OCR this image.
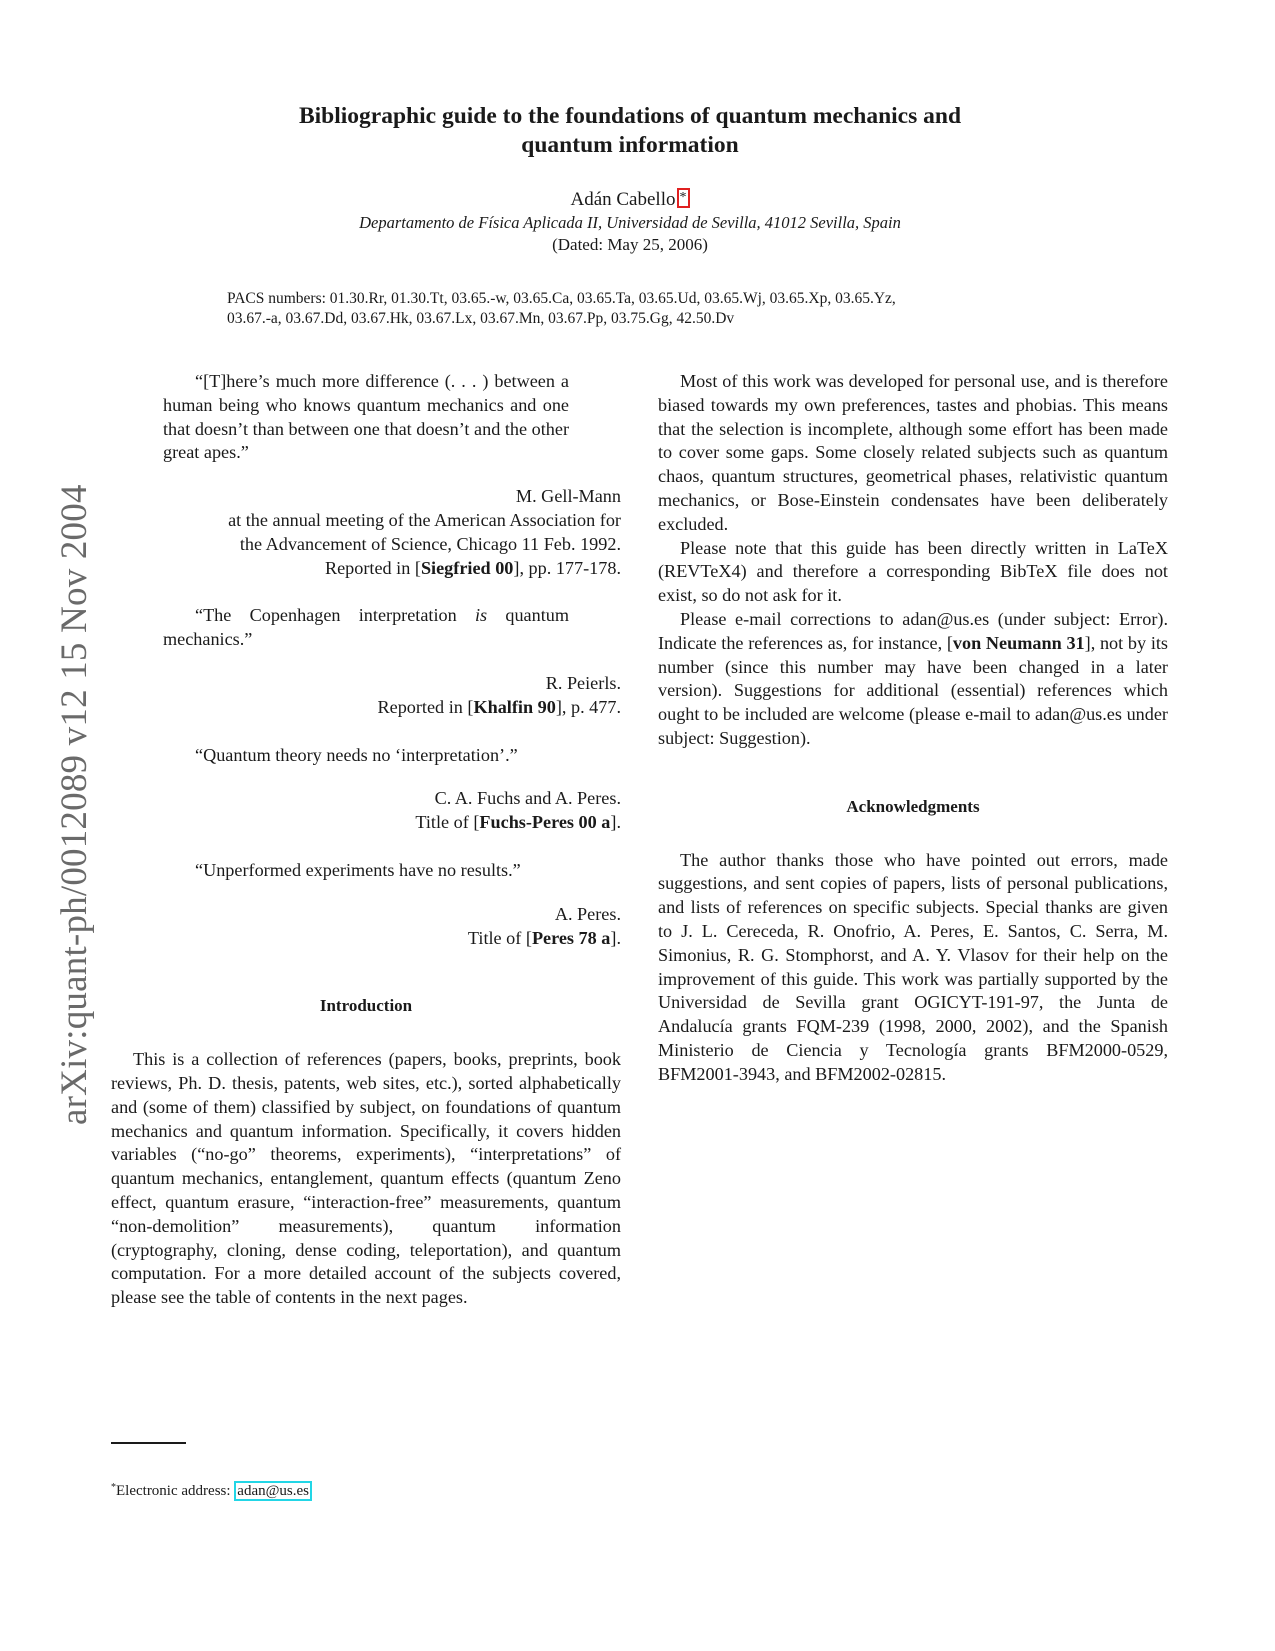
arXiv:quant-ph/0012089 v12 15 Nov 2004
Bibliographic guide to the foundations of quantum mechanics and
quantum information
Adán Cabello *
Departamento de Física Aplicada II, Universidad de Sevilla, 41012 Sevilla, Spain
(Dated: May 25, 2006)
PACS numbers: 01.30.Rr, 01.30.Tt, 03.65.-w, 03.65.Ca, 03.65.Ta, 03.65.Ud, 03.65.Wj, 03.65.Xp, 03.65.Yz,
03.67.-a, 03.67.Dd, 03.67.Hk, 03.67.Lx, 03.67.Mn, 03.67.Pp, 03.75.Gg, 42.50.Dv
“[T]here’s much more difference (. . . ) between a human being who knows quantum mechanics and one that doesn’t than between one that doesn’t and the other great apes.”

M. Gell-Mann

at the annual meeting of the American Association for

the Advancement of Science, Chicago 11 Feb. 1992.

Reported in [Siegfried 00], pp. 177-178.

“The Copenhagen interpretation is quantum mechanics.”

R. Peierls.

Reported in [Khalfin 90], p. 477.

“Quantum theory needs no ‘interpretation’.”

C. A. Fuchs and A. Peres.

Title of [Fuchs-Peres 00 a].

“Unperformed experiments have no results.”

A. Peres.

Title of [Peres 78 a].

Introduction

This is a collection of references (papers, books, preprints, book reviews, Ph. D. thesis, patents, web sites, etc.), sorted alphabetically and (some of them) classified by subject, on foundations of quantum mechanics and quantum information. Specifically, it covers hidden variables (“no-go” theorems, experiments), “interpretations” of quantum mechanics, entanglement, quantum effects (quantum Zeno effect, quantum erasure, “interaction-free” measurements, quantum “non-demolition” measurements), quantum information (cryptography, cloning, dense coding, teleportation), and quantum computation. For a more detailed account of the subjects covered, please see the table of contents in the next pages.

Most of this work was developed for personal use, and is therefore biased towards my own preferences, tastes and phobias. This means that the selection is incomplete, although some effort has been made to cover some gaps. Some closely related subjects such as quantum chaos, quantum structures, geometrical phases, relativistic quantum mechanics, or Bose-Einstein condensates have been deliberately excluded.

Please note that this guide has been directly written in LaTeX (REVTeX4) and therefore a corresponding BibTeX file does not exist, so do not ask for it.

Please e-mail corrections to adan@us.es (under subject: Error). Indicate the references as, for instance, [von Neumann 31], not by its number (since this number may have been changed in a later version). Suggestions for additional (essential) references which ought to be included are welcome (please e-mail to adan@us.es under subject: Suggestion).

Acknowledgments

The author thanks those who have pointed out errors, made suggestions, and sent copies of papers, lists of personal publications, and lists of references on specific subjects. Special thanks are given to J. L. Cereceda, R. Onofrio, A. Peres, E. Santos, C. Serra, M. Simonius, R. G. Stomphorst, and A. Y. Vlasov for their help on the improvement of this guide. This work was partially supported by the Universidad de Sevilla grant OGICYT-191-97, the Junta de Andalucía grants FQM-239 (1998, 2000, 2002), and the Spanish Ministerio de Ciencia y Tecnología grants BFM2000-0529, BFM2001-3943, and BFM2002-02815.

*Electronic address: adan@us.es
